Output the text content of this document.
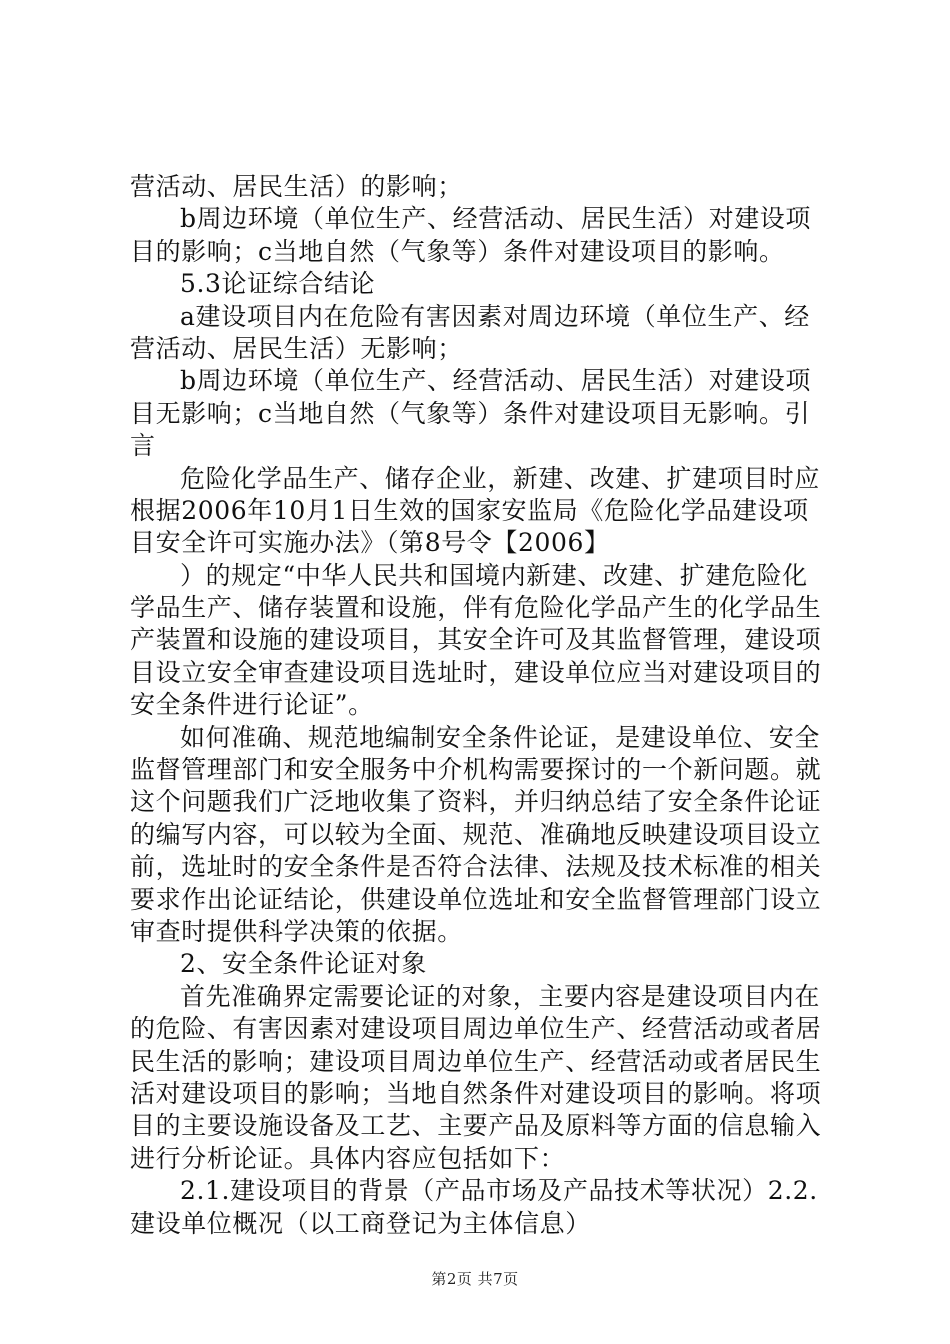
营活动、居民生活）的影响；
b周边环境（单位生产、经营活动、居民生活）对建设项
目的影响；c当地自然（气象等）条件对建设项目的影响。
5.3论证综合结论
a建设项目内在危险有害因素对周边环境（单位生产、经
营活动、居民生活）无影响；
b周边环境（单位生产、经营活动、居民生活）对建设项
目无影响；c当地自然（气象等）条件对建设项目无影响。引
言
危险化学品生产、储存企业，新建、改建、扩建项目时应
根据2006年10月1日生效的国家安监局《危险化学品建设项
目安全许可实施办法》（第8号令【2006】
）的规定“中华人民共和国境内新建、改建、扩建危险化
学品生产、储存装置和设施，伴有危险化学品产生的化学品生
产装置和设施的建设项目，其安全许可及其监督管理，建设项
目设立安全审查建设项目选址时，建设单位应当对建设项目的
安全条件进行论证”。
如何准确、规范地编制安全条件论证，是建设单位、安全
监督管理部门和安全服务中介机构需要探讨的一个新问题。就
这个问题我们广泛地收集了资料，并归纳总结了安全条件论证
的编写内容，可以较为全面、规范、准确地反映建设项目设立
前，选址时的安全条件是否符合法律、法规及技术标准的相关
要求作出论证结论，供建设单位选址和安全监督管理部门设立
审查时提供科学决策的依据。
2、安全条件论证对象
首先准确界定需要论证的对象，主要内容是建设项目内在
的危险、有害因素对建设项目周边单位生产、经营活动或者居
民生活的影响；建设项目周边单位生产、经营活动或者居民生
活对建设项目的影响；当地自然条件对建设项目的影响。将项
目的主要设施设备及工艺、主要产品及原料等方面的信息输入
进行分析论证。具体内容应包括如下：
2.1.建设项目的背景（产品市场及产品技术等状况）2.2.
建设单位概况（以工商登记为主体信息）
第2页 共7页
